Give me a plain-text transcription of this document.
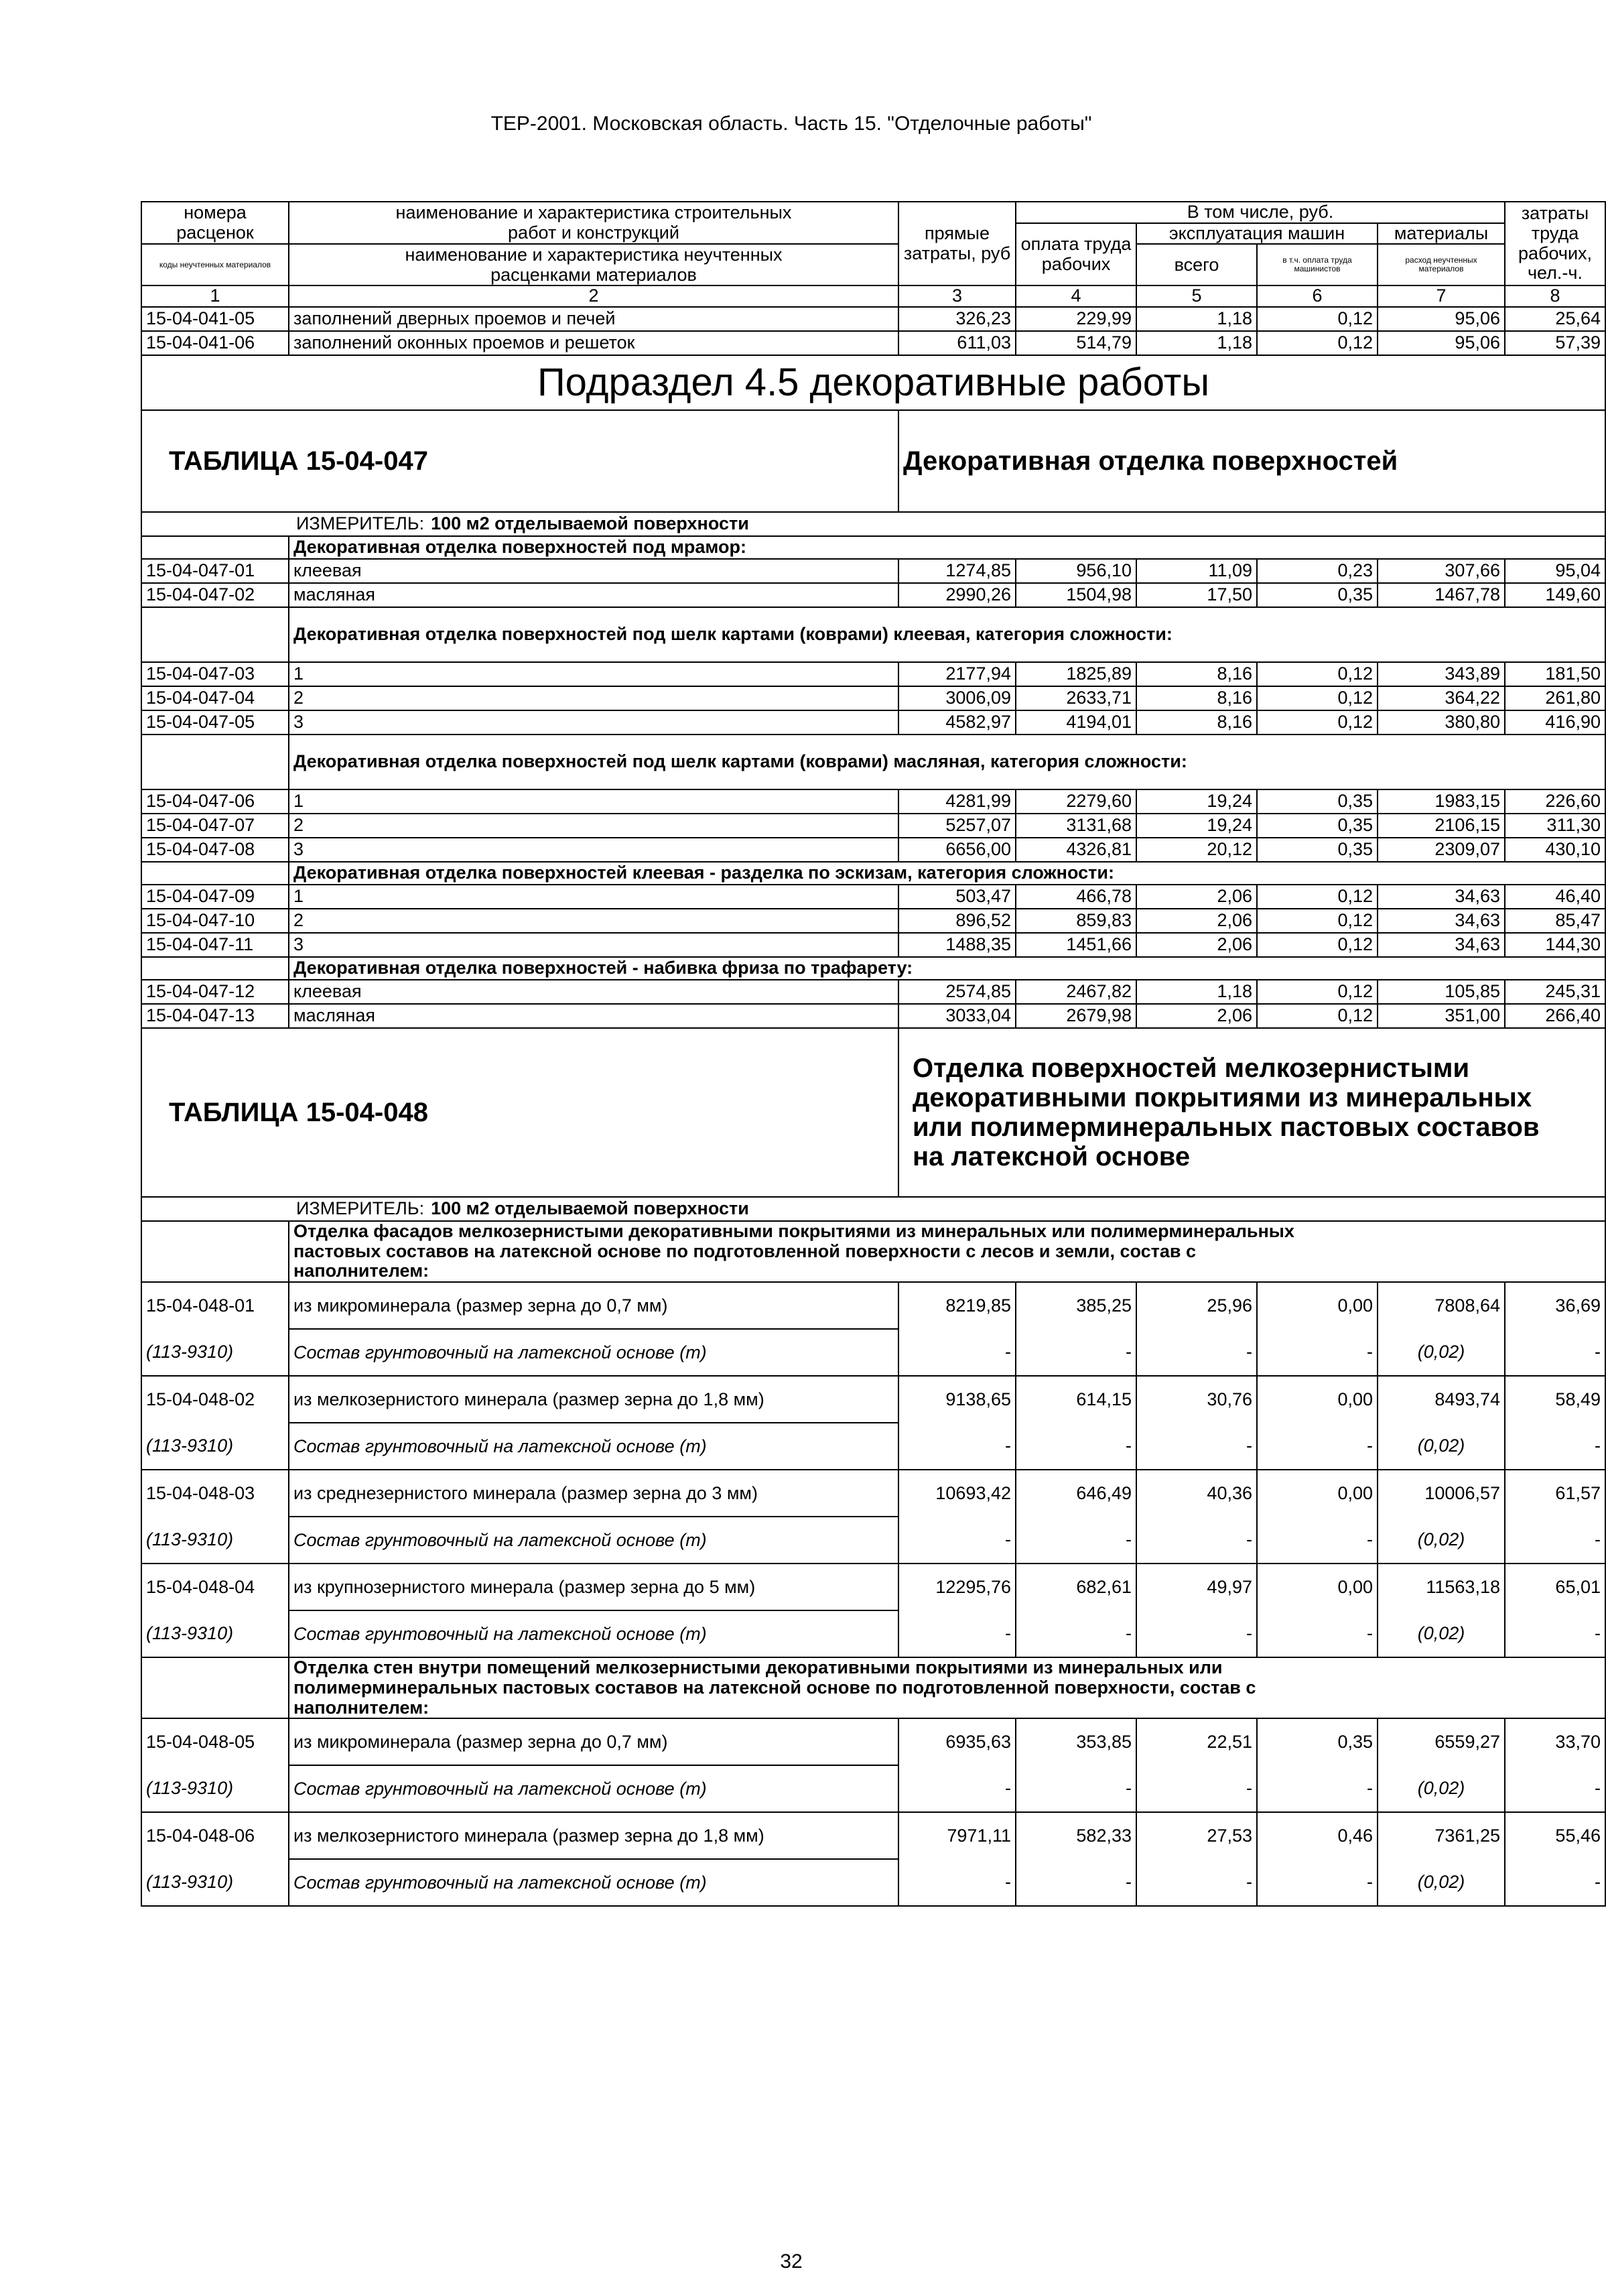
ТЕР-2001. Московская область. Часть 15. "Отделочные работы"
номера	наименование и характеристика строительных	прямые затраты, руб	В том числе, руб.				затраты труда рабочих, чел.-ч.
расценок	работ и конструкций		оплата труда рабочих	эксплуатация машин		материалы	
коды неучтенных материалов	наименование и характеристика неучтенных			всего	в т.ч. оплата труда машинистов	расход неучтенных материалов	
	расценками материалов						
1	2	3	4	5	6	7	8
15-04-041-05	заполнений дверных проемов и печей	326,23	229,99	1,18	0,12	95,06	25,64
15-04-041-06	заполнений оконных проемов и решеток	611,03	514,79	1,18	0,12	95,06	57,39
Подраздел 4.5 декоративные работы							
ТАБЛИЦА 15-04-047		Декоративная отделка поверхностей					
ИЗМЕРИТЕЛЬ: 100 м2 отделываемой поверхности							
	Декоративная отделка поверхностей под мрамор:						
15-04-047-01	клеевая	1274,85	956,10	11,09	0,23	307,66	95,04
15-04-047-02	масляная	2990,26	1504,98	17,50	0,35	1467,78	149,60
	Декоративная отделка поверхностей под шелк картами (коврами) клеевая, категория сложности:						
15-04-047-03	1	2177,94	1825,89	8,16	0,12	343,89	181,50
15-04-047-04	2	3006,09	2633,71	8,16	0,12	364,22	261,80
15-04-047-05	3	4582,97	4194,01	8,16	0,12	380,80	416,90
	Декоративная отделка поверхностей под шелк картами (коврами) масляная, категория сложности:						
15-04-047-06	1	4281,99	2279,60	19,24	0,35	1983,15	226,60
15-04-047-07	2	5257,07	3131,68	19,24	0,35	2106,15	311,30
15-04-047-08	3	6656,00	4326,81	20,12	0,35	2309,07	430,10
	Декоративная отделка поверхностей клеевая - разделка по эскизам, категория сложности:						
15-04-047-09	1	503,47	466,78	2,06	0,12	34,63	46,40
15-04-047-10	2	896,52	859,83	2,06	0,12	34,63	85,47
15-04-047-11	3	1488,35	1451,66	2,06	0,12	34,63	144,30
	Декоративная отделка поверхностей - набивка фриза по трафарету:						
15-04-047-12	клеевая	2574,85	2467,82	1,18	0,12	105,85	245,31
15-04-047-13	масляная	3033,04	2679,98	2,06	0,12	351,00	266,40
ТАБЛИЦА 15-04-048		Отделка поверхностей мелкозернистыми
декоративными покрытиями из минеральных
или полимерминеральных пастовых составов
на латексной основе					

ИЗМЕРИТЕЛЬ: 100 м2 отделываемой поверхности							

	Отделка фасадов мелкозернистыми декоративными покрытиями из минеральных или полимерминеральных
пастовых составов на латексной основе по подготовленной поверхности с лесов и земли, состав с
наполнителем:						

15-04-048-01	из микроминерала (размер зерна до 0,7 мм)	8219,85	385,25	25,96	0,00	7808,64	36,69
(113-9310)	Состав грунтовочный на латексной основе (т)	-	-	-	-	(0,02)	-
15-04-048-02	из мелкозернистого минерала (размер зерна до 1,8 мм)	9138,65	614,15	30,76	0,00	8493,74	58,49
(113-9310)	Состав грунтовочный на латексной основе (т)	-	-	-	-	(0,02)	-
15-04-048-03	из среднезернистого минерала (размер зерна до 3 мм)	10693,42	646,49	40,36	0,00	10006,57	61,57
(113-9310)	Состав грунтовочный на латексной основе (т)	-	-	-	-	(0,02)	-
15-04-048-04	из крупнозернистого минерала (размер зерна до 5 мм)	12295,76	682,61	49,97	0,00	11563,18	65,01
(113-9310)	Состав грунтовочный на латексной основе (т)	-	-	-	-	(0,02)	-

	Отделка стен внутри помещений мелкозернистыми декоративными покрытиями из минеральных или
полимерминеральных пастовых составов на латексной основе по подготовленной поверхности, состав с
наполнителем:						

15-04-048-05	из микроминерала (размер зерна до 0,7 мм)	6935,63	353,85	22,51	0,35	6559,27	33,70
(113-9310)	Состав грунтовочный на латексной основе (т)	-	-	-	-	(0,02)	-
15-04-048-06	из мелкозернистого минерала (размер зерна до 1,8 мм)	7971,11	582,33	27,53	0,46	7361,25	55,46
(113-9310)	Состав грунтовочный на латексной основе (т)	-	-	-	-	(0,02)	-
32
